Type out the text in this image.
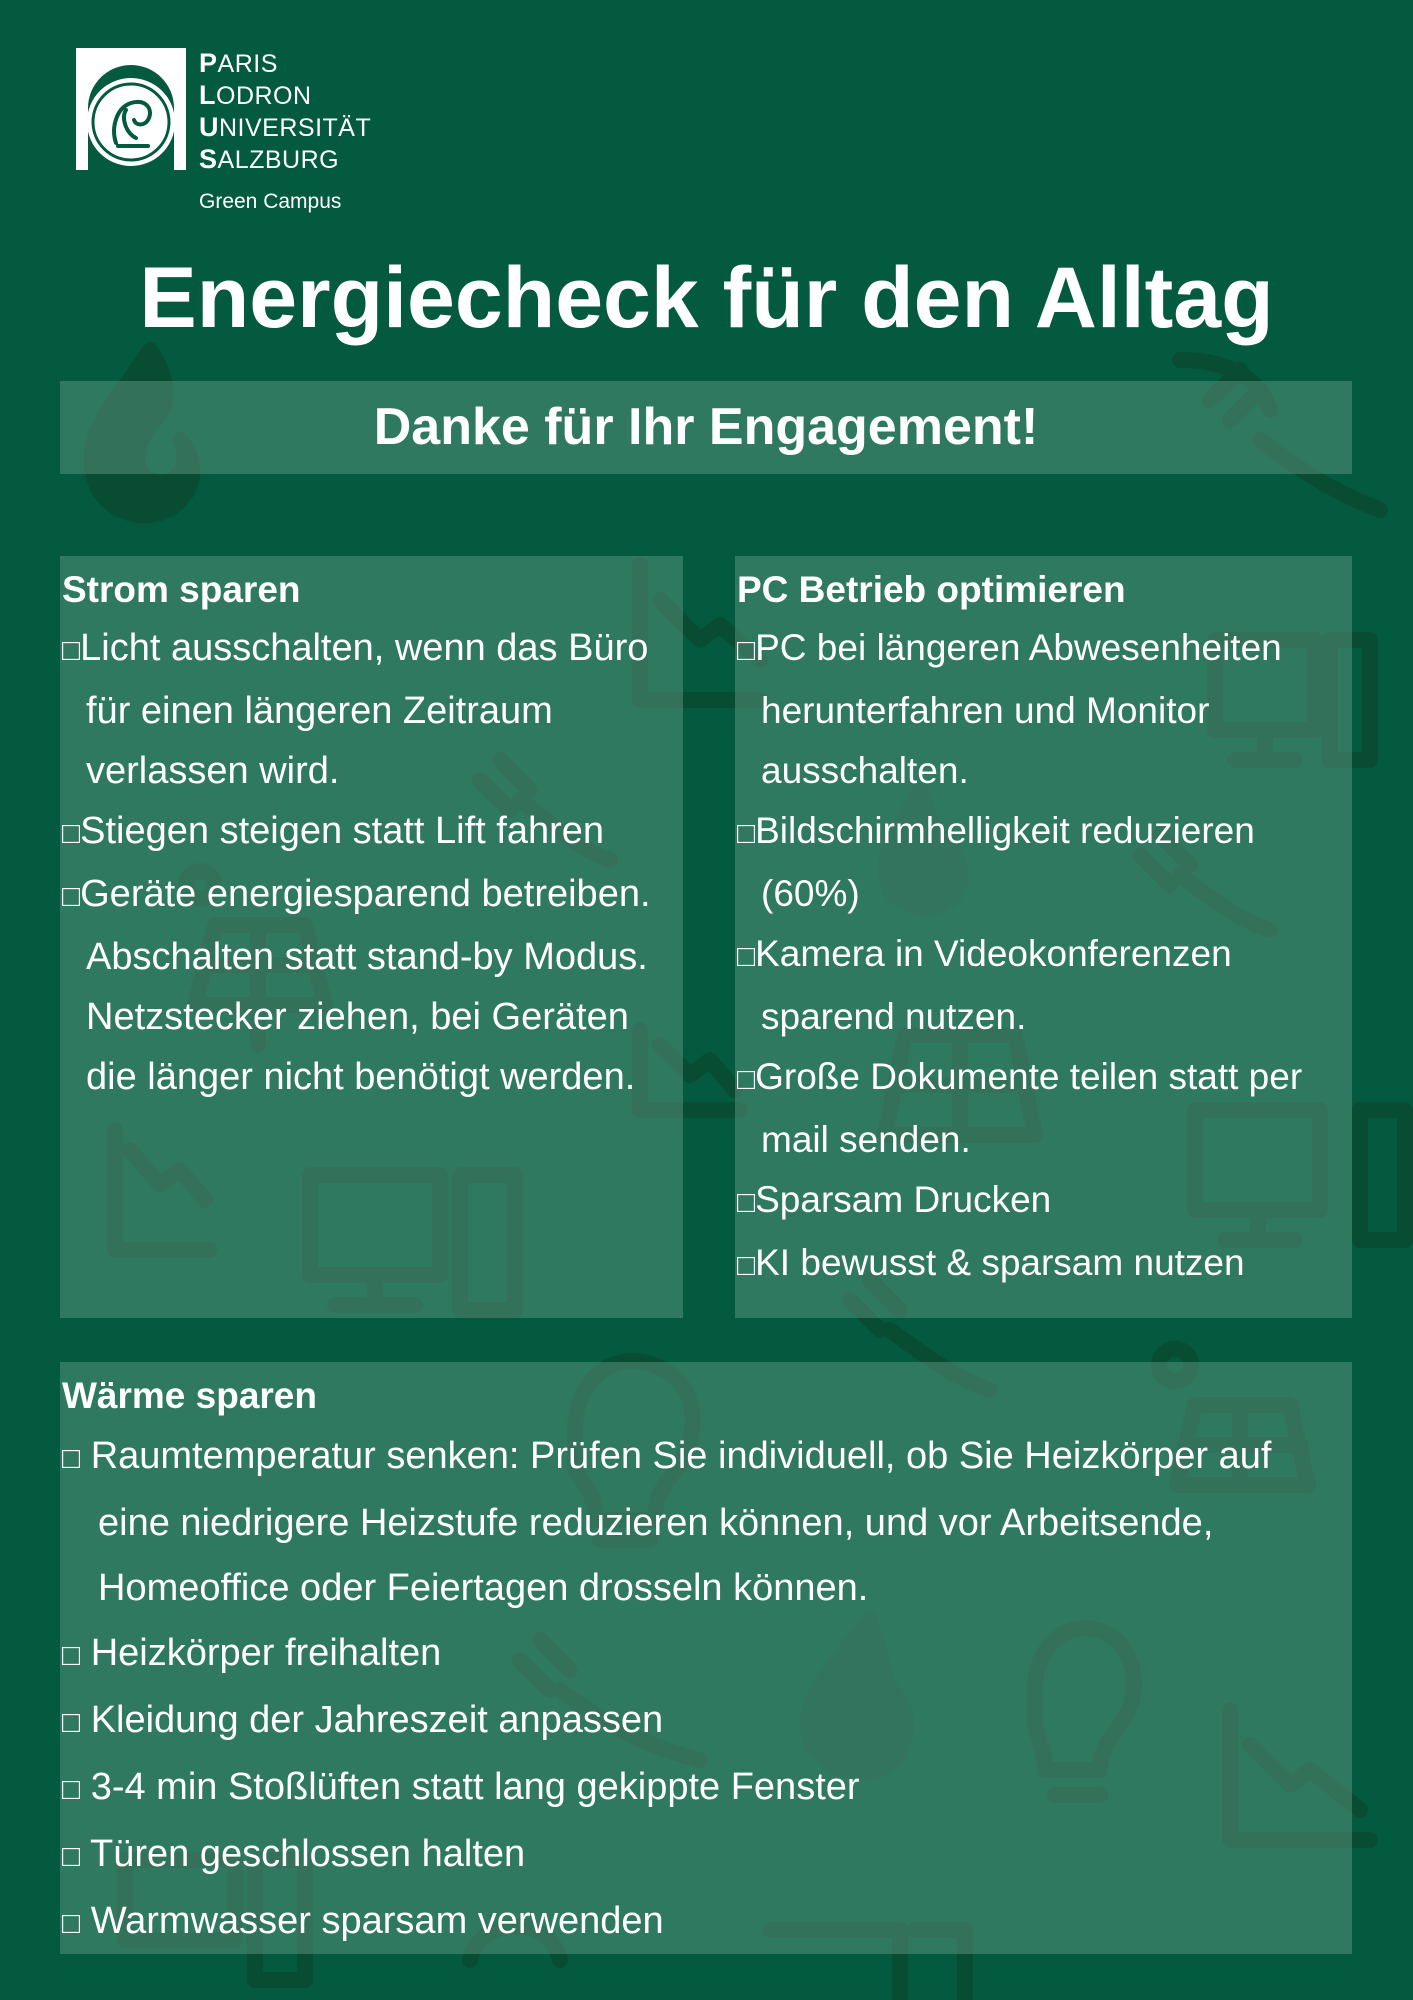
PARIS
LODRON
UNIVERSITÄT
SALZBURG
Green Campus
Energiecheck für den Alltag
Danke für Ihr Engagement!
Strom sparen
□Licht ausschalten, wenn das Büro für einen längeren Zeitraum verlassen wird.
□Stiegen steigen statt Lift fahren
□Geräte energiesparend betreiben. Abschalten statt stand-by Modus. Netzstecker ziehen, bei Geräten die länger nicht benötigt werden.
PC Betrieb optimieren
□PC bei längeren Abwesenheiten herunterfahren und Monitor ausschalten.
□Bildschirmhelligkeit reduzieren (60%)
□Kamera in Videokonferenzen sparend nutzen.
□Große Dokumente teilen statt per mail senden.
□Sparsam Drucken
□KI bewusst & sparsam nutzen
Wärme sparen
□ Raumtemperatur senken: Prüfen Sie individuell, ob Sie Heizkörper auf eine niedrigere Heizstufe reduzieren können, und vor Arbeitsende, Homeoffice oder Feiertagen drosseln können.
□ Heizkörper freihalten
□ Kleidung der Jahreszeit anpassen
□ 3-4 min Stoßlüften statt lang gekippte Fenster
□ Türen geschlossen halten
□ Warmwasser sparsam verwenden
